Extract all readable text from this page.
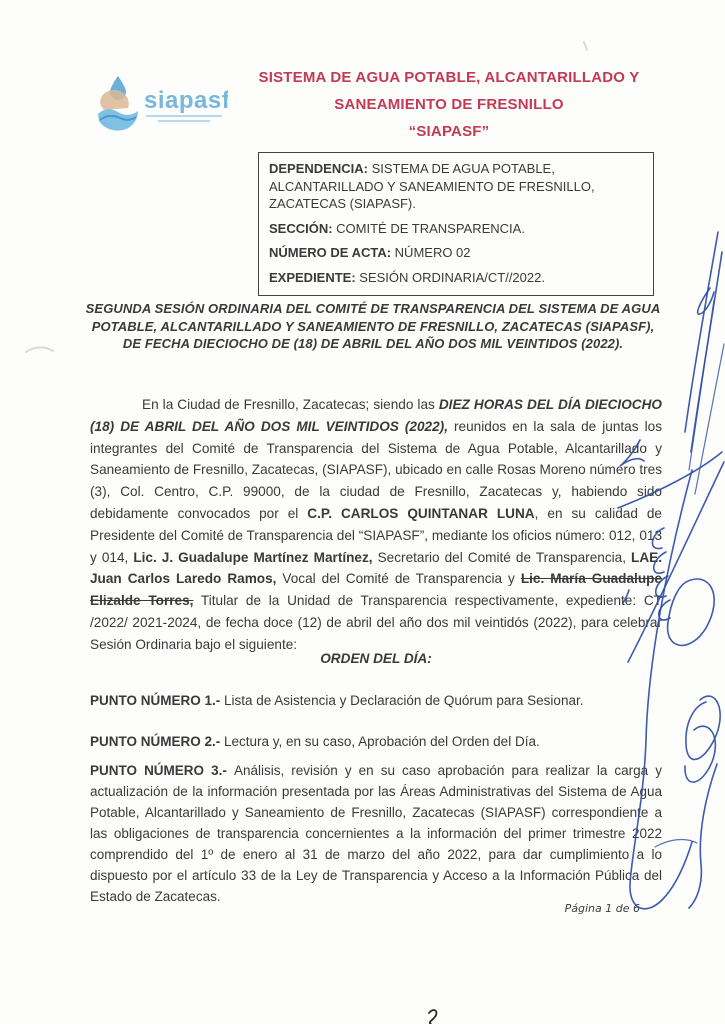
siapasf
SISTEMA DE AGUA POTABLE, ALCANTARILLADO Y
SANEAMIENTO DE FRESNILLO
“SIAPASF”
DEPENDENCIA: SISTEMA DE AGUA POTABLE, ALCANTARILLADO Y SANEAMIENTO DE FRESNILLO, ZACATECAS (SIAPASF).
SECCIÓN: COMITÉ DE TRANSPARENCIA.
NÚMERO DE ACTA: NÚMERO 02
EXPEDIENTE: SESIÓN ORDINARIA/CT//2022.
SEGUNDA SESIÓN ORDINARIA DEL COMITÉ DE TRANSPARENCIA DEL SISTEMA DE AGUA POTABLE, ALCANTARILLADO Y SANEAMIENTO DE FRESNILLO, ZACATECAS (SIAPASF), DE FECHA DIECIOCHO DE (18) DE ABRIL DEL AÑO DOS MIL VEINTIDOS (2022).

En la Ciudad de Fresnillo, Zacatecas; siendo las DIEZ HORAS DEL DÍA DIECIOCHO (18) DE ABRIL DEL AÑO DOS MIL VEINTIDOS (2022), reunidos en la sala de juntas los integrantes del Comité de Transparencia del Sistema de Agua Potable, Alcantarillado y Saneamiento de Fresnillo, Zacatecas, (SIAPASF), ubicado en calle Rosas Moreno número tres (3), Col. Centro, C.P. 99000, de la ciudad de Fresnillo, Zacatecas y, habiendo sido debidamente convocados por el C.P. CARLOS QUINTANAR LUNA, en su calidad de Presidente del Comité de Transparencia del “SIAPASF”, mediante los oficios número: 012, 013 y 014, Lic. J. Guadalupe Martínez Martínez, Secretario del Comité de Transparencia, LAE. Juan Carlos Laredo Ramos, Vocal del Comité de Transparencia y Lic. María Guadalupe Elizalde Torres, Titular de la Unidad de Transparencia respectivamente, expediente: CT /2022/ 2021-2024, de fecha doce (12) de abril del año dos mil veintidós (2022), para celebrar Sesión Ordinaria bajo el siguiente:

ORDEN DEL DÍA:

PUNTO NÚMERO 1.- Lista de Asistencia y Declaración de Quórum para Sesionar.

PUNTO NÚMERO 2.- Lectura y, en su caso, Aprobación del Orden del Día.

PUNTO NÚMERO 3.- Análisis, revisión y en su caso aprobación para realizar la carga y actualización de la información presentada por las Áreas Administrativas del Sistema de Agua Potable, Alcantarillado y Saneamiento de Fresnillo, Zacatecas (SIAPASF) correspondiente a las obligaciones de transparencia concernientes a la información del primer trimestre 2022 comprendido del 1º de enero al 31 de marzo del año 2022, para dar cumplimiento a lo dispuesto por el artículo 33 de la Ley de Transparencia y Acceso a la Información Pública del Estado de Zacatecas.

Página 1 de 6
